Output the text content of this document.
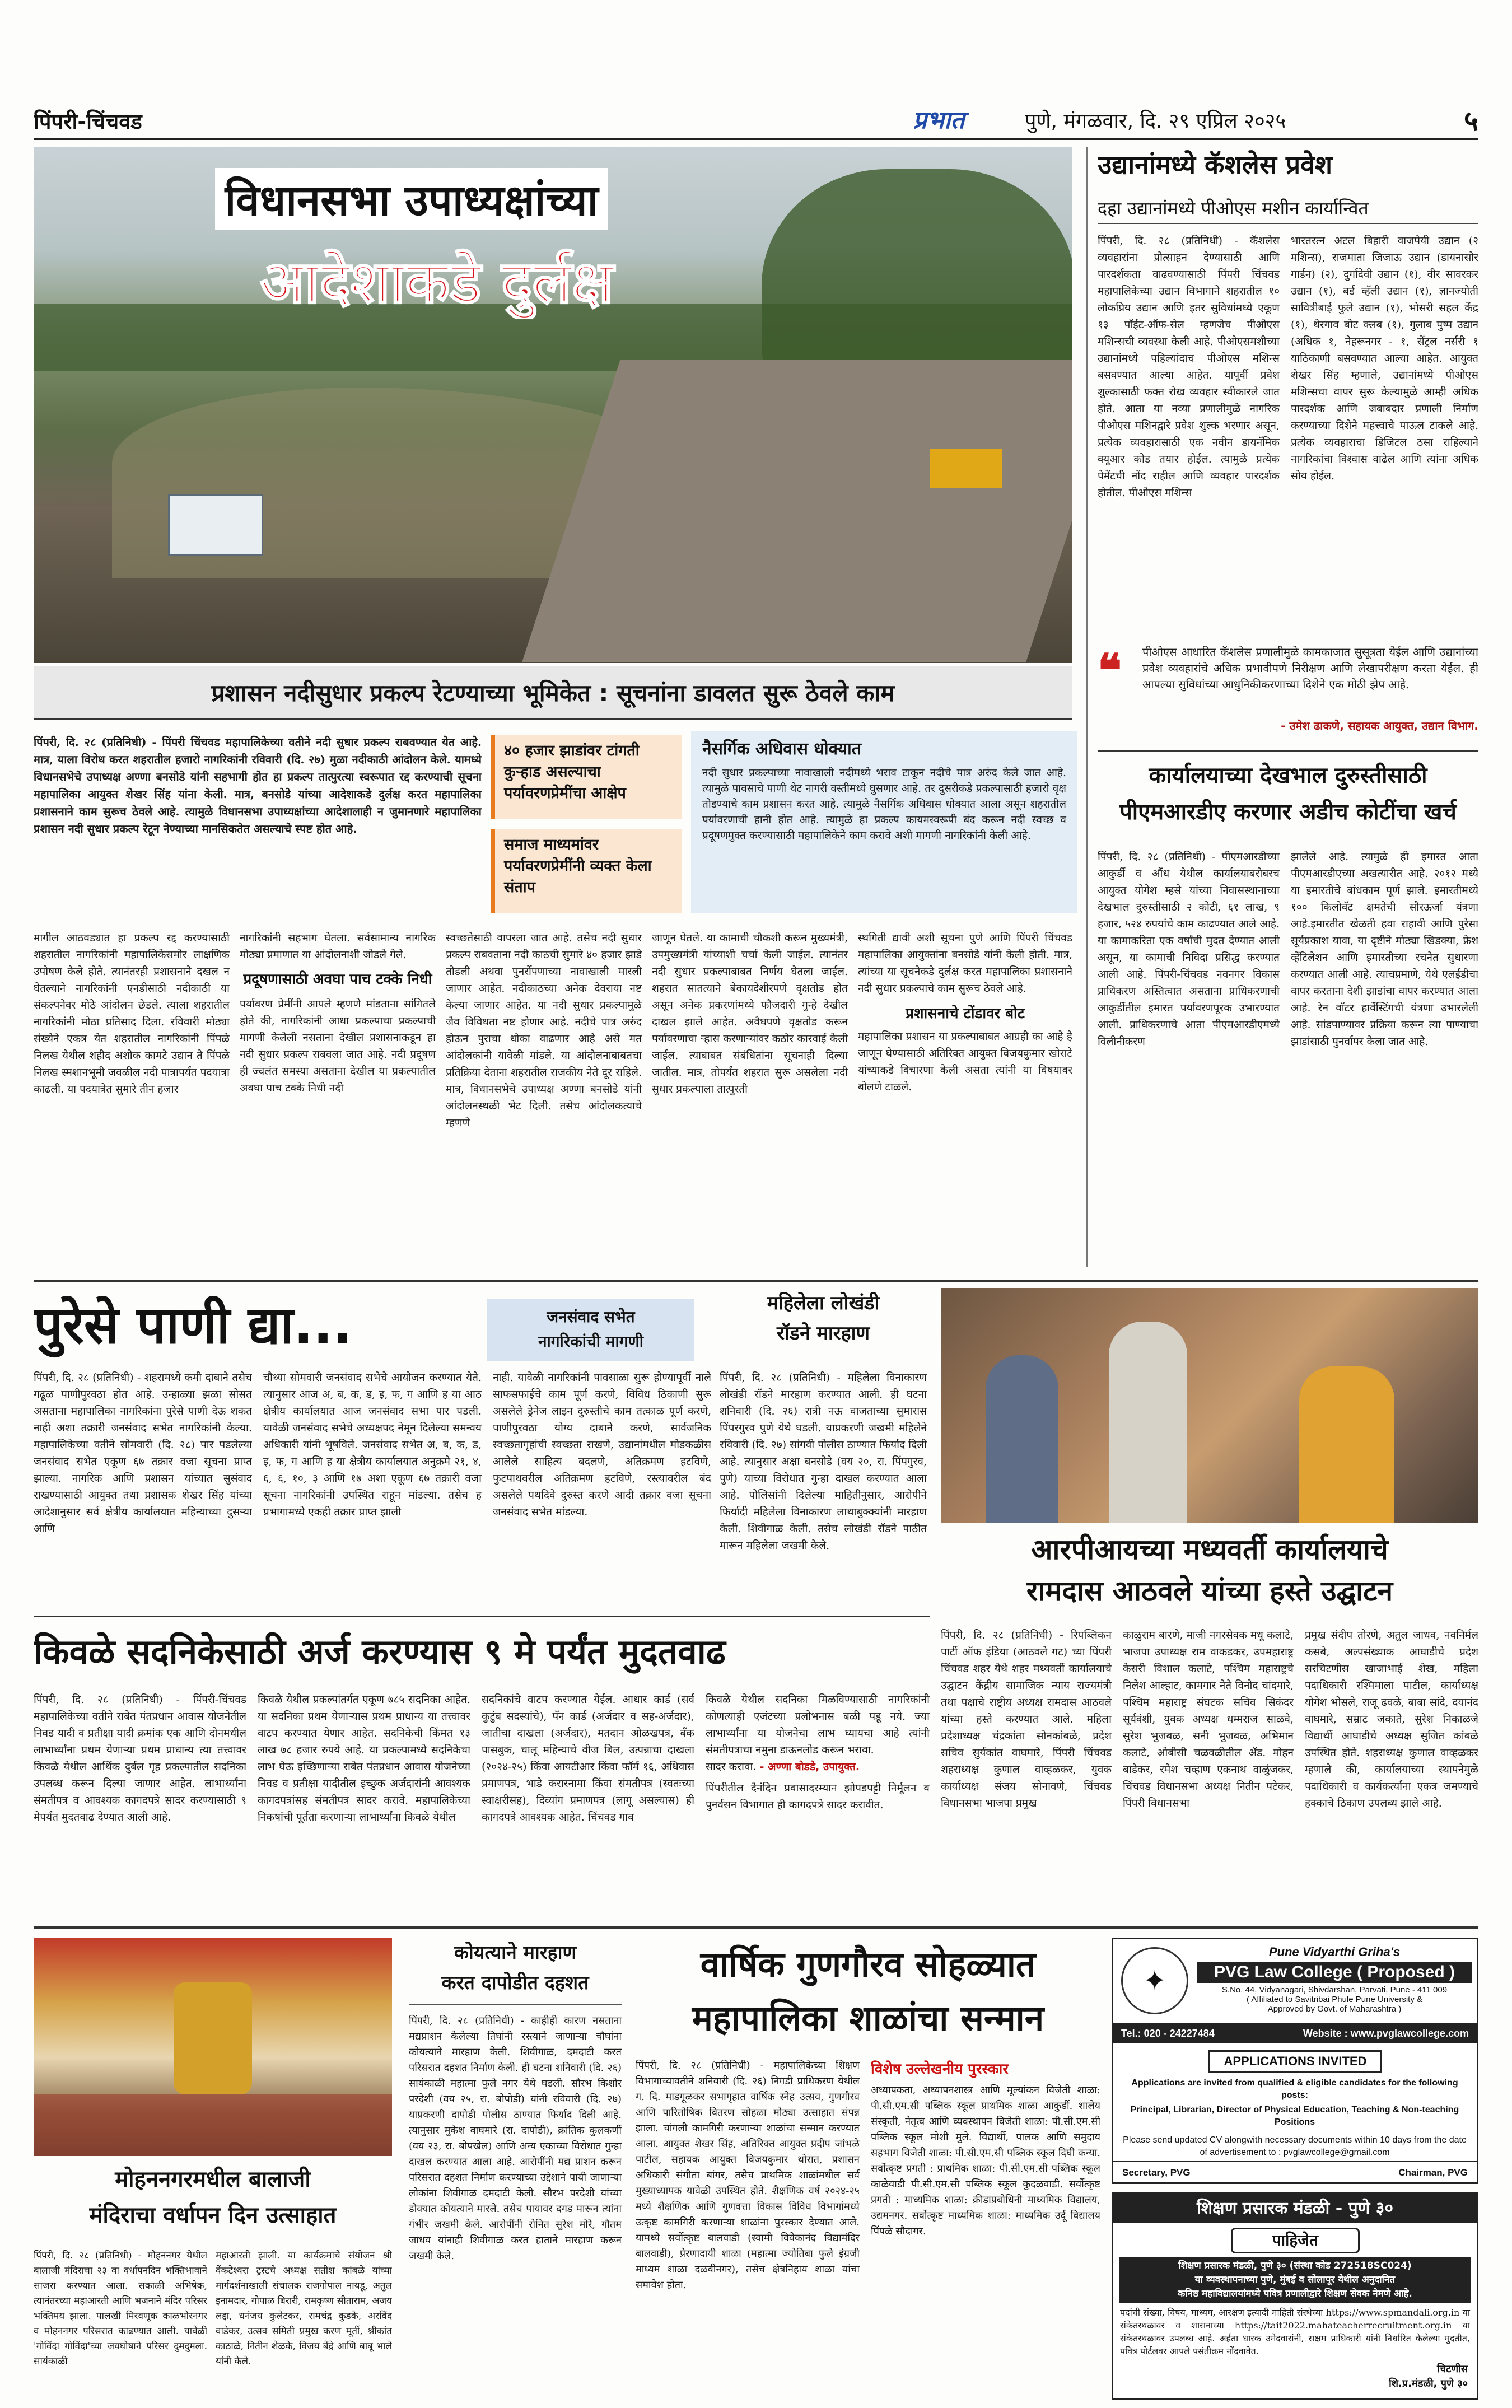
पिंपरी-चिंचवड	प्रभात	पुणे, मंगळवार, दि. २९ एप्रिल २०२५	५
विधानसभा उपाध्यक्षांच्या
आदेशाकडे दुर्लक्ष
प्रशासन नदीसुधार प्रकल्प रेटण्याच्या भूमिकेत : सूचनांना डावलत सुरू ठेवले काम
पिंपरी, दि. २८ (प्रतिनिधी) - पिंपरी चिंचवड महापालिकेच्या वतीने नदी सुधार प्रकल्प राबवण्यात येत आहे. मात्र, याला विरोध करत शहरातील हजारो नागरिकांनी रविवारी (दि. २७) मुळा नदीकाठी आंदोलन केले. यामध्ये विधानसभेचे उपाध्यक्ष अण्णा बनसोडे यांनी सहभागी होत हा प्रकल्प तात्पुरत्या स्वरूपात रद्द करण्याची सूचना महापालिका आयुक्त शेखर सिंह यांना केली. मात्र, बनसोडे यांच्या आदेशाकडे दुर्लक्ष करत महापालिका प्रशासनाने काम सुरूच ठेवले आहे. त्यामुळे विधानसभा उपाध्यक्षांच्या आदेशालाही न जुमानणारे महापालिका प्रशासन नदी सुधार प्रकल्प रेटून नेण्याच्या मानसिकतेत असल्याचे स्पष्ट होत आहे.
४० हजार झाडांवर टांगती कुऱ्हाड असल्याचा पर्यावरणप्रेमींचा आक्षेप
समाज माध्यमांवर पर्यावरणप्रेमींनी व्यक्त केला संताप
नैसर्गिक अधिवास धोक्यात
नदी सुधार प्रकल्पाच्या नावाखाली नदीमध्ये भराव टाकून नदीचे पात्र अरुंद केले जात आहे. त्यामुळे पावसाचे पाणी थेट नागरी वस्तीमध्ये घुसणार आहे. तर दुसरीकडे प्रकल्पासाठी हजारो वृक्ष तोडण्याचे काम प्रशासन करत आहे. त्यामुळे नैसर्गिक अधिवास धोक्यात आला असून शहरातील पर्यावरणाची हानी होत आहे. त्यामुळे हा प्रकल्प कायमस्वरूपी बंद करून नदी स्वच्छ व प्रदूषणमुक्त करण्यासाठी महापालिकेने काम करावे अशी मागणी नागरिकांनी केली आहे.
मागील आठवड्यात हा प्रकल्प रद्द करण्यासाठी शहरातील नागरिकांनी महापालिकेसमोर लाक्षणिक उपोषण केले होते. त्यानंतरही प्रशासनाने दखल न घेतल्याने नागरिकांनी एनडीसाठी नदीकाठी या संकल्पनेवर मोठे आंदोलन छेडले. त्याला शहरातील नागरिकांनी मोठा प्रतिसाद दिला. रविवारी मोठ्या संख्येने एकत्र येत शहरातील नागरिकांनी पिंपळे निलख येथील शहीद अशोक कामटे उद्यान ते पिंपळे निलख स्मशानभूमी जवळील नदी पात्रापर्यंत पदयात्रा काढली. या पदयात्रेत सुमारे तीन हजार
नागरिकांनी सहभाग घेतला. सर्वसामान्य नागरिक मोठ्या प्रमाणात या आंदोलनाशी जोडले गेले.
प्रदूषणासाठी अवघा पाच टक्के निधी
पर्यावरण प्रेमींनी आपले म्हणणे मांडताना सांगितले होते की, नागरिकांनी आधा प्रकल्पाचा प्रकल्पाची मागणी केलेली नसताना देखील प्रशासनाकडून हा नदी सुधार प्रकल्प राबवला जात आहे. नदी प्रदूषण ही ज्वलंत समस्या असताना देखील या प्रकल्पातील अवघा पाच टक्के निधी नदी
स्वच्छतेसाठी वापरला जात आहे. तसेच नदी सुधार प्रकल्प राबवताना नदी काठची सुमारे ४० हजार झाडे तोडली अथवा पुनर्रोपणाच्या नावाखाली मारली जाणार आहेत. नदीकाठच्या अनेक देवराया नष्ट केल्या जाणार आहेत. या नदी सुधार प्रकल्पामुळे जैव विविधता नष्ट होणार आहे. नदीचे पात्र अरुंद होऊन पुराचा धोका वाढणार आहे असे मत आंदोलकांनी यावेळी मांडले. या आंदोलनाबाबतचा प्रतिक्रिया देताना शहरातील राजकीय नेते दूर राहिले. मात्र, विधानसभेचे उपाध्यक्ष अण्णा बनसोडे यांनी आंदोलनस्थळी भेट दिली. तसेच आंदोलकत्याचे म्हणणे
जाणून घेतले. या कामाची चौकशी करून मुख्यमंत्री, उपमुख्यमंत्री यांच्याशी चर्चा केली जाईल. त्यानंतर नदी सुधार प्रकल्पाबाबत निर्णय घेतला जाईल. शहरात सातत्याने बेकायदेशीरपणे वृक्षतोड होत असून अनेक प्रकरणांमध्ये फौजदारी गुन्हे देखील दाखल झाले आहेत. अवैधपणे वृक्षतोड करून पर्यावरणाचा ऱ्हास करणाऱ्यांवर कठोर कारवाई केली जाईल. त्याबाबत संबंधितांना सूचनाही दिल्या जातील. मात्र, तोपर्यंत शहरात सुरू असलेला नदी सुधार प्रकल्पाला तात्पुरती
स्थगिती द्यावी अशी सूचना पुणे आणि पिंपरी चिंचवड महापालिका आयुक्तांना बनसोडे यांनी केली होती. मात्र, त्यांच्या या सूचनेकडे दुर्लक्ष करत महापालिका प्रशासनाने नदी सुधार प्रकल्पाचे काम सुरूच ठेवले आहे.
प्रशासनाचे टोंडावर बोट
महापालिका प्रशासन या प्रकल्पाबाबत आग्रही का आहे हे जाणून घेण्यासाठी अतिरिक्त आयुक्त विजयकुमार खोराटे यांच्याकडे विचारणा केली असता त्यांनी या विषयावर बोलणे टाळले.
उद्यानांमध्ये कॅशलेस प्रवेश
दहा उद्यानांमध्ये पीओएस मशीन कार्यान्वित
पिंपरी, दि. २८ (प्रतिनिधी) - कॅशलेस व्यवहारांना प्रोत्साहन देण्यासाठी आणि पारदर्शकता वाढवण्यासाठी पिंपरी चिंचवड महापालिकेच्या उद्यान विभागाने शहरातील १० लोकप्रिय उद्यान आणि इतर सुविधांमध्ये एकूण १३ पॉईंट-ऑफ-सेल म्हणजेच पीओएस मशिन्सची व्यवस्था केली आहे. पीओएसमशीच्या उद्यानांमध्ये पहिल्यांदाच पीओएस मशिन्स बसवण्यात आल्या आहेत. यापूर्वी प्रवेश शुल्कासाठी फक्त रोख व्यवहार स्वीकारले जात होते. आता या नव्या प्रणालीमुळे नागरिक पीओएस मशिनद्वारे प्रवेश शुल्क भरणार असून, प्रत्येक व्यवहारासाठी एक नवीन डायनॅमिक क्यूआर कोड तयार होईल. त्यामुळे प्रत्येक पेमेंटची नोंद राहील आणि व्यवहार पारदर्शक होतील. पीओएस मशिन्स
भारतरत्न अटल बिहारी वाजपेयी उद्यान (२ मशिन्स), राजमाता जिजाऊ उद्यान (डायनासोर गार्डन) (२), दुर्गादेवी उद्यान (१), वीर सावरकर उद्यान (१), बर्ड व्हॅली उद्यान (१), ज्ञानज्योती सावित्रीबाई फुले उद्यान (१), भोसरी सहल केंद्र (१), थेरगाव बोट क्लब (१), गुलाब पुष्प उद्यान (अधिक १, नेहरूनगर - १, सेंट्रल नर्सरी १ याठिकाणी बसवण्यात आल्या आहेत. आयुक्त शेखर सिंह म्हणाले, उद्यानांमध्ये पीओएस मशिन्सचा वापर सुरू केल्यामुळे आम्ही अधिक पारदर्शक आणि जबाबदार प्रणाली निर्माण करण्याच्या दिशेने महत्त्वाचे पाऊल टाकले आहे. प्रत्येक व्यवहाराचा डिजिटल ठसा राहिल्याने नागरिकांचा विश्वास वाढेल आणि त्यांना अधिक सोय होईल.
❝ पीओएस आधारित कॅशलेस प्रणालीमुळे कामकाजात सुसूत्रता येईल आणि उद्यानांच्या प्रवेश व्यवहारांचे अधिक प्रभावीपणे निरीक्षण आणि लेखापरीक्षण करता येईल. ही आपल्या सुविधांच्या आधुनिकीकरणाच्या दिशेने एक मोठी झेप आहे.
- उमेश ढाकणे, सहायक आयुक्त, उद्यान विभाग.
कार्यालयाच्या देखभाल दुरुस्तीसाठी
पीएमआरडीए करणार अडीच कोटींचा खर्च
पिंपरी, दि. २८ (प्रतिनिधी) - पीएमआरडीच्या आकुर्डी व औंध येथील कार्यालयाबरोबरच आयुक्त योगेश म्हसे यांच्या निवासस्थानाच्या देखभाल दुरुस्तीसाठी २ कोटी, ६१ लाख, ९ हजार, ५२४ रुपयांचे काम काढण्यात आले आहे. या कामाकरिता एक वर्षांची मुदत देण्यात आली असून, या कामाची निविदा प्रसिद्ध करण्यात आली आहे. पिंपरी-चिंचवड नवनगर विकास प्राधिकरण अस्तित्वात असताना प्राधिकरणाची आकुर्डीतील इमारत पर्यावरणपूरक उभारण्यात आली. प्राधिकरणाचे आता पीएमआरडीएमध्ये विलीनीकरण
झालेले आहे. त्यामुळे ही इमारत आता पीएमआरडीएच्या अखत्यारीत आहे. २०१२ मध्ये या इमारतीचे बांधकाम पूर्ण झाले. इमारतीमध्ये १०० किलोवॅट क्षमतेची सौरऊर्जा यंत्रणा आहे.इमारतीत खेळती हवा राहावी आणि पुरेसा सूर्यप्रकाश यावा, या दृष्टीने मोठ्या खिडक्या, फ्रेश व्हेंटिलेशन आणि इमारतीच्या रचनेत सुधारणा करण्यात आली आहे. त्याचप्रमाणे, येथे एलईडीचा वापर करताना देशी झाडांचा वापर करण्यात आला आहे. रेन वॉटर हार्वेस्टिंगची यंत्रणा उभारलेली आहे. सांडपाण्यावर प्रक्रिया करून त्या पाण्याचा झाडांसाठी पुनर्वापर केला जात आहे.
पुरेसे पाणी द्या...	जनसंवाद सभेत
नागरिकांची मागणी
पिंपरी, दि. २८ (प्रतिनिधी) - शहरामध्ये कमी दाबाने तसेच गढूळ पाणीपुरवठा होत आहे. उन्हाळ्या झळा सोसत असताना महापालिका नागरिकांना पुरेसे पाणी देऊ शकत नाही अशा तक्रारी जनसंवाद सभेत नागरिकांनी केल्या. महापालिकेच्या वतीने सोमवारी (दि. २८) पार पडलेल्या जनसंवाद सभेत एकूण ६७ तक्रार वजा सूचना प्राप्त झाल्या. नागरिक आणि प्रशासन यांच्यात सुसंवाद राखण्यासाठी आयुक्त तथा प्रशासक शेखर सिंह यांच्या आदेशानुसार सर्व क्षेत्रीय कार्यालयात महिन्याच्या दुसऱ्या आणि
चौथ्या सोमवारी जनसंवाद सभेचे आयोजन करण्यात येते. त्यानुसार आज अ, ब, क, ड, इ, फ, ग आणि ह या आठ क्षेत्रीय कार्यालयात आज जनसंवाद सभा पार पडली. यावेळी जनसंवाद सभेचे अध्यक्षपद नेमून दिलेल्या समन्वय अधिकारी यांनी भूषविले. जनसंवाद सभेत अ, ब, क, ड, इ, फ, ग आणि ह या क्षेत्रीय कार्यालयात अनुक्रमे २१, ४, ६, ६, १०, ३ आणि १७ अशा एकूण ६७ तक्रारी वजा सूचना नागरिकांनी उपस्थित राहून मांडल्या. तसेच ह प्रभागामध्ये एकही तक्रार प्राप्त झाली
नाही. यावेळी नागरिकांनी पावसाळा सुरू होण्यापूर्वी नाले साफसफाईचे काम पूर्ण करणे, विविध ठिकाणी सुरू असलेले ड्रेनेज लाइन दुरुस्तीचे काम तत्काळ पूर्ण करणे, पाणीपुरवठा योग्य दाबाने करणे, सार्वजनिक स्वच्छतागृहांची स्वच्छता राखणे, उद्यानांमधील मोडकळीस आलेले साहित्य बदलणे, अतिक्रमण हटविणे, फुटपाथवरील अतिक्रमण हटविणे, रस्त्यावरील बंद असलेले पथदिवे दुरुस्त करणे आदी तक्रार वजा सूचना जनसंवाद सभेत मांडल्या.
महिलेला लोखंडी
रॉडने मारहाण
पिंपरी, दि. २८ (प्रतिनिधी) - महिलेला विनाकारण लोखंडी रॉडने मारहाण करण्यात आली. ही घटना शनिवारी (दि. २६) रात्री नऊ वाजताच्या सुमारास पिंपरगुरव पुणे येथे घडली. याप्रकरणी जखमी महिलेने रविवारी (दि. २७) सांगवी पोलीस ठाण्यात फिर्याद दिली आहे. त्यानुसार अक्षा बनसोडे (वय २०, रा. पिंपगुरव, पुणे) याच्या विरोधात गुन्हा दाखल करण्यात आला आहे. पोलिसांनी दिलेल्या माहितीनुसार, आरोपीने फिर्यादी महिलेला विनाकारण लाथाबुक्क्यांनी मारहाण केली. शिवीगाळ केली. तसेच लोखंडी रॉडने पाठीत मारून महिलेला जखमी केले.	आरपीआयच्या मध्यवर्ती कार्यालयाचे
रामदास आठवले यांच्या हस्ते उद्घाटन
पिंपरी, दि. २८ (प्रतिनिधी) - रिपब्लिकन पार्टी ऑफ इंडिया (आठवले गट) च्या पिंपरी चिंचवड शहर येथे शहर मध्यवर्ती कार्यालयाचे उद्घाटन केंद्रीय सामाजिक न्याय राज्यमंत्री तथा पक्षाचे राष्ट्रीय अध्यक्ष रामदास आठवले यांच्या हस्ते करण्यात आले. महिला प्रदेशाध्यक्ष चंद्रकांता सोनकांबळे, प्रदेश सचिव सुर्यकांत वाघमारे, पिंपरी चिंचवड शहराध्यक्ष कुणाल वाव्हळकर, युवक कार्याध्यक्ष संजय सोनावणे, चिंचवड विधानसभा भाजपा प्रमुख
काळुराम बारणे, माजी नगरसेवक मधू कलाटे, भाजपा उपाध्यक्ष राम वाकडकर, उपमहाराष्ट्र केसरी विशाल कलाटे, पश्चिम महाराष्ट्रचे निलेश आल्हाट, कामगार नेते विनोद चांदमारे, पश्चिम महाराष्ट्र संघटक सचिव सिकंदर सूर्यवंशी, युवक अध्यक्ष धम्मराज साळवे, सुरेश भुजबळ, सनी भुजबळ, अभिमान कलाटे, ओबीसी चळवळीतील ॲड. मोहन बाडेकर, रमेश चव्हाण एकनाथ वाळुंजकर, चिंचवड विधानसभा अध्यक्ष नितीन पटेकर, पिंपरी विधानसभा
प्रमुख संदीप तोरणे, अतुल जाधव, नवनिर्मल कसबे, अल्पसंख्याक आघाडीचे प्रदेश सरचिटणीस खाजाभाई शेख, महिला पदाधिकारी रश्मिमाला पाटील, कार्याध्यक्ष योगेश भोसले, राजू ढवळे, बाबा सांदे, दयानंद वाघमारे, सम्राट जकाते, सुरेश निकाळजे विद्यार्थी आघाडीचे अध्यक्ष सुजित कांबळे उपस्थित होते. शहराध्यक्ष कुणाल वाव्हळकर म्हणाले की, कार्यालयाच्या स्थापनेमुळे पदाधिकारी व कार्यकर्त्यांना एकत्र जमण्याचे हक्काचे ठिकाण उपलब्ध झाले आहे.
किवळे सदनिकेसाठी अर्ज करण्यास ९ मे पर्यंत मुदतवाढ
पिंपरी, दि. २८ (प्रतिनिधी) - पिंपरी-चिंचवड महापालिकेच्या वतीने राबेत पंतप्रधान आवास योजनेतील निवड यादी व प्रतीक्षा यादी क्रमांक एक आणि दोनमधील लाभार्थ्यांना प्रथम येणाऱ्या प्रथम प्राधान्य त्या तत्त्वावर किवळे येथील आर्थिक दुर्बल गृह प्रकल्पातील सदनिका उपलब्ध करून दिल्या जाणार आहेत. लाभार्थ्यांना संमतीपत्र व आवश्यक कागदपत्रे सादर करण्यासाठी ९ मेपर्यंत मुदतवाढ देण्यात आली आहे.
किवळे येथील प्रकल्पांतर्गत एकूण ७८५ सदनिका आहेत. या सदनिका प्रथम येणाऱ्यास प्रथम प्राधान्य या तत्त्वावर वाटप करण्यात येणार आहेत. सदनिकेची किंमत १३ लाख ७८ हजार रुपये आहे. या प्रकल्पामध्ये सदनिकेचा लाभ घेऊ इच्छिणाऱ्या राबेत पंतप्रधान आवास योजनेच्या निवड व प्रतीक्षा यादीतील इच्छुक अर्जदारांनी आवश्यक कागदपत्रांसह संमतीपत्र सादर करावे. महापालिकेच्या निकषांची पूर्तता करणाऱ्या लाभार्थ्यांना किवळे येथील
सदनिकांचे वाटप करण्यात येईल. आधार कार्ड (सर्व कुटुंब सदस्यांचे), पॅन कार्ड (अर्जदार व सह-अर्जदार), जातीचा दाखला (अर्जदार), मतदान ओळखपत्र, बँक पासबुक, चालू महिन्याचे वीज बिल, उत्पन्नाचा दाखला (२०२४-२५) किंवा आयटीआर किंवा फॉर्म १६, अधिवास प्रमाणपत्र, भाडे करारनामा किंवा संमतीपत्र (स्वतःच्या स्वाक्षरीसह), दिव्यांग प्रमाणपत्र (लागू असल्यास) ही कागदपत्रे आवश्यक आहेत. चिंचवड गाव
किवळे येथील सदनिका मिळविण्यासाठी नागरिकांनी कोणत्याही एजंटच्या प्रलोभनास बळी पडू नये. ज्या लाभार्थ्यांना या योजनेचा लाभ घ्यायचा आहे त्यांनी संमतीपत्राचा नमुना डाऊनलोड करून भरावा.
सादर करावा. - अण्णा बोडडे, उपायुक्त.
पिंपरीतील दैनंदिन प्रवासादरम्यान झोपडपट्टी निर्मूलन व पुनर्वसन विभागात ही कागदपत्रे सादर करावीत.
मोहननगरमधील बालाजी
मंदिराचा वर्धापन दिन उत्साहात
पिंपरी, दि. २८ (प्रतिनिधी) - मोहननगर येथील बालाजी मंदिराचा २३ वा वर्धापनदिन भक्तिभावाने साजरा करण्यात आला. सकाळी अभिषेक, त्यानंतरच्या महाआरती आणि भजनाने मंदिर परिसर भक्तिमय झाला. पालखी मिरवणूक काळभोरनगर व मोहननगर परिसरात काढण्यात आली. यावेळी 'गोविंदा गोविंदा'च्या जयघोषाने परिसर दुमदुमला. सायंकाळी
महाआरती झाली. या कार्यक्रमाचे संयोजन श्री वेंकटेश्वरा ट्रस्टचे अध्यक्ष सतीश कांबळे यांच्या मार्गदर्शनाखाली संचालक राजगोपाल नायडू, अतुल इनामदार, गोपाळ बिरारी, रामकृष्ण सीताराम, अजय लद्दा, धनंजय कुलेटकर, रामचंद्र कुडके, अरविंद वाडेकर, उत्सव समिती प्रमुख करण मूर्ती, श्रीकांत काठाळे, नितीन शेळके, विजय बेंद्रे आणि बाबू भाले यांनी केले.
कोयत्याने मारहाण
करत दापोडीत दहशत
पिंपरी, दि. २८ (प्रतिनिधी) - काहीही कारण नसताना मद्यप्राशन केलेल्या तिघांनी रस्त्याने जाणाऱ्या चौघांना कोयत्याने मारहाण केली. शिवीगाळ, दमदाटी करत परिसरात दहशत निर्माण केली. ही घटना शनिवारी (दि. २६) सायंकाळी महात्मा फुले नगर येथे घडली. सौरभ किशोर परदेशी (वय २५, रा. बोपोडी) यांनी रविवारी (दि. २७) याप्रकरणी दापोडी पोलीस ठाण्यात फिर्याद दिली आहे. त्यानुसार मुकेश वाघमारे (रा. दापोडी), क्रांतिक कुलकर्णी (वय २३, रा. बोपखेल) आणि अन्य एकाच्या विरोधात गुन्हा दाखल करण्यात आला आहे. आरोपींनी मद्य प्राशन करून परिसरात दहशत निर्माण करण्याच्या उद्देशाने पायी जाणाऱ्या लोकांना शिवीगाळ दमदाटी केली. सौरभ परदेशी यांच्या डोक्यात कोयत्याने मारले. तसेच पायावर दगड मारून त्यांना गंभीर जखमी केले. आरोपींनी रोनित सुरेश मोरे, गौतम जाधव यांनाही शिवीगाळ करत हाताने मारहाण करून जखमी केले.
वार्षिक गुणगौरव सोहळ्यात
महापालिका शाळांचा सन्मान
पिंपरी, दि. २८ (प्रतिनिधी) - महापालिकेच्या शिक्षण विभागाच्यावतीने शनिवारी (दि. २६) निगडी प्राधिकरण येथील ग. दि. माडगूळकर सभागृहात वार्षिक स्नेह उत्सव, गुणगौरव आणि पारितोषिक वितरण सोहळा मोठ्या उत्साहात संपन्न झाला. चांगली कामगिरी करणाऱ्या शाळांचा सन्मान करण्यात आला. आयुक्त शेखर सिंह, अतिरिक्त आयुक्त प्रदीप जांभळे पाटील, सहायक आयुक्त विजयकुमार थोरात, प्रशासन अधिकारी संगीता बांगर, तसेच प्राथमिक शाळांमधील सर्व मुख्याध्यापक यावेळी उपस्थित होते. शैक्षणिक वर्ष २०२४-२५ मध्ये शैक्षणिक आणि गुणवत्ता विकास विविध विभागांमध्ये उत्कृष्ट कामगिरी करणाऱ्या शाळांना पुरस्कार देण्यात आले. यामध्ये सर्वोत्कृष्ट बालवाडी (स्वामी विवेकानंद विद्यामंदिर बालवाडी), प्रेरणादायी शाळा (महात्मा ज्योतिबा फुले इंग्रजी माध्यम शाळा दळवीनगर), तसेच क्षेत्रनिहाय शाळा यांचा समावेश होता.
विशेष उल्लेखनीय पुरस्कार
अध्यापकता, अध्यापनशास्त्र आणि मूल्यांकन विजेती शाळा: पी.सी.एम.सी पब्लिक स्कूल प्राथमिक शाळा आकुर्डी. शालेय संस्कृती, नेतृत्व आणि व्यवस्थापन विजेती शाळा: पी.सी.एम.सी पब्लिक स्कूल मोशी मुले. विद्यार्थी, पालक आणि समुदाय सहभाग विजेती शाळा: पी.सी.एम.सी पब्लिक स्कूल दिघी कन्या. सर्वोत्कृष्ट प्रगती : प्राथमिक शाळा: पी.सी.एम.सी पब्लिक स्कूल काळेवाडी पी.सी.एम.सी पब्लिक स्कूल कुदळवाडी. सर्वोत्कृष्ट प्रगती : माध्यमिक शाळा: क्रीडाप्रबोधिनी माध्यमिक विद्यालय, उद्यमनगर. सर्वोत्कृष्ट माध्यमिक शाळा: माध्यमिक उर्दू विद्यालय पिंपळे सौदागर.
✦
Pune Vidyarthi Griha's
PVG Law College ( Proposed )
S.No. 44, Vidyanagari, Shivdarshan, Parvati, Pune - 411 009
( Affiliated to Savitribai Phule Pune University &
Approved by Govt. of Maharashtra )
Tel.: 020 - 24227484	Website : www.pvglawcollege.com
APPLICATIONS INVITED
Applications are invited from qualified & eligible candidates for the following posts:
Principal, Librarian, Director of Physical Education, Teaching & Non-teaching Positions
Please send updated CV alongwith necessary documents within 10 days from the date of advertisement to : pvglawcollege@gmail.com
Secretary, PVG	Chairman, PVG
शिक्षण प्रसारक मंडळी - पुणे ३०
पाहिजेत
शिक्षण प्रसारक मंडळी, पुणे ३० (संस्था कोड 272518SC024)
या व्यवस्थापनाच्या पुणे, मुंबई व सोलापूर येथील अनुदानित
कनिष्ठ महाविद्यालयांमध्ये पवित्र प्रणालीद्वारे शिक्षण सेवक नेमणे आहे.
पदांची संख्या, विषय, माध्यम, आरक्षण इत्यादी माहिती संस्थेच्या https://www.spmandali.org.in या संकेतस्थळावर व शासनाच्या https://tait2022.mahateacherrecruitment.org.in या संकेतस्थळावर उपलब्ध आहे. अर्हता धारक उमेदवारांनी, सक्षम प्राधिकारी यांनी निर्धारित केलेल्या मुदतीत, पवित्र पोर्टलवर आपले पसंतीक्रम नोंदवावेत.
चिटणीस
शि.प्र.मंडळी, पुणे ३०
